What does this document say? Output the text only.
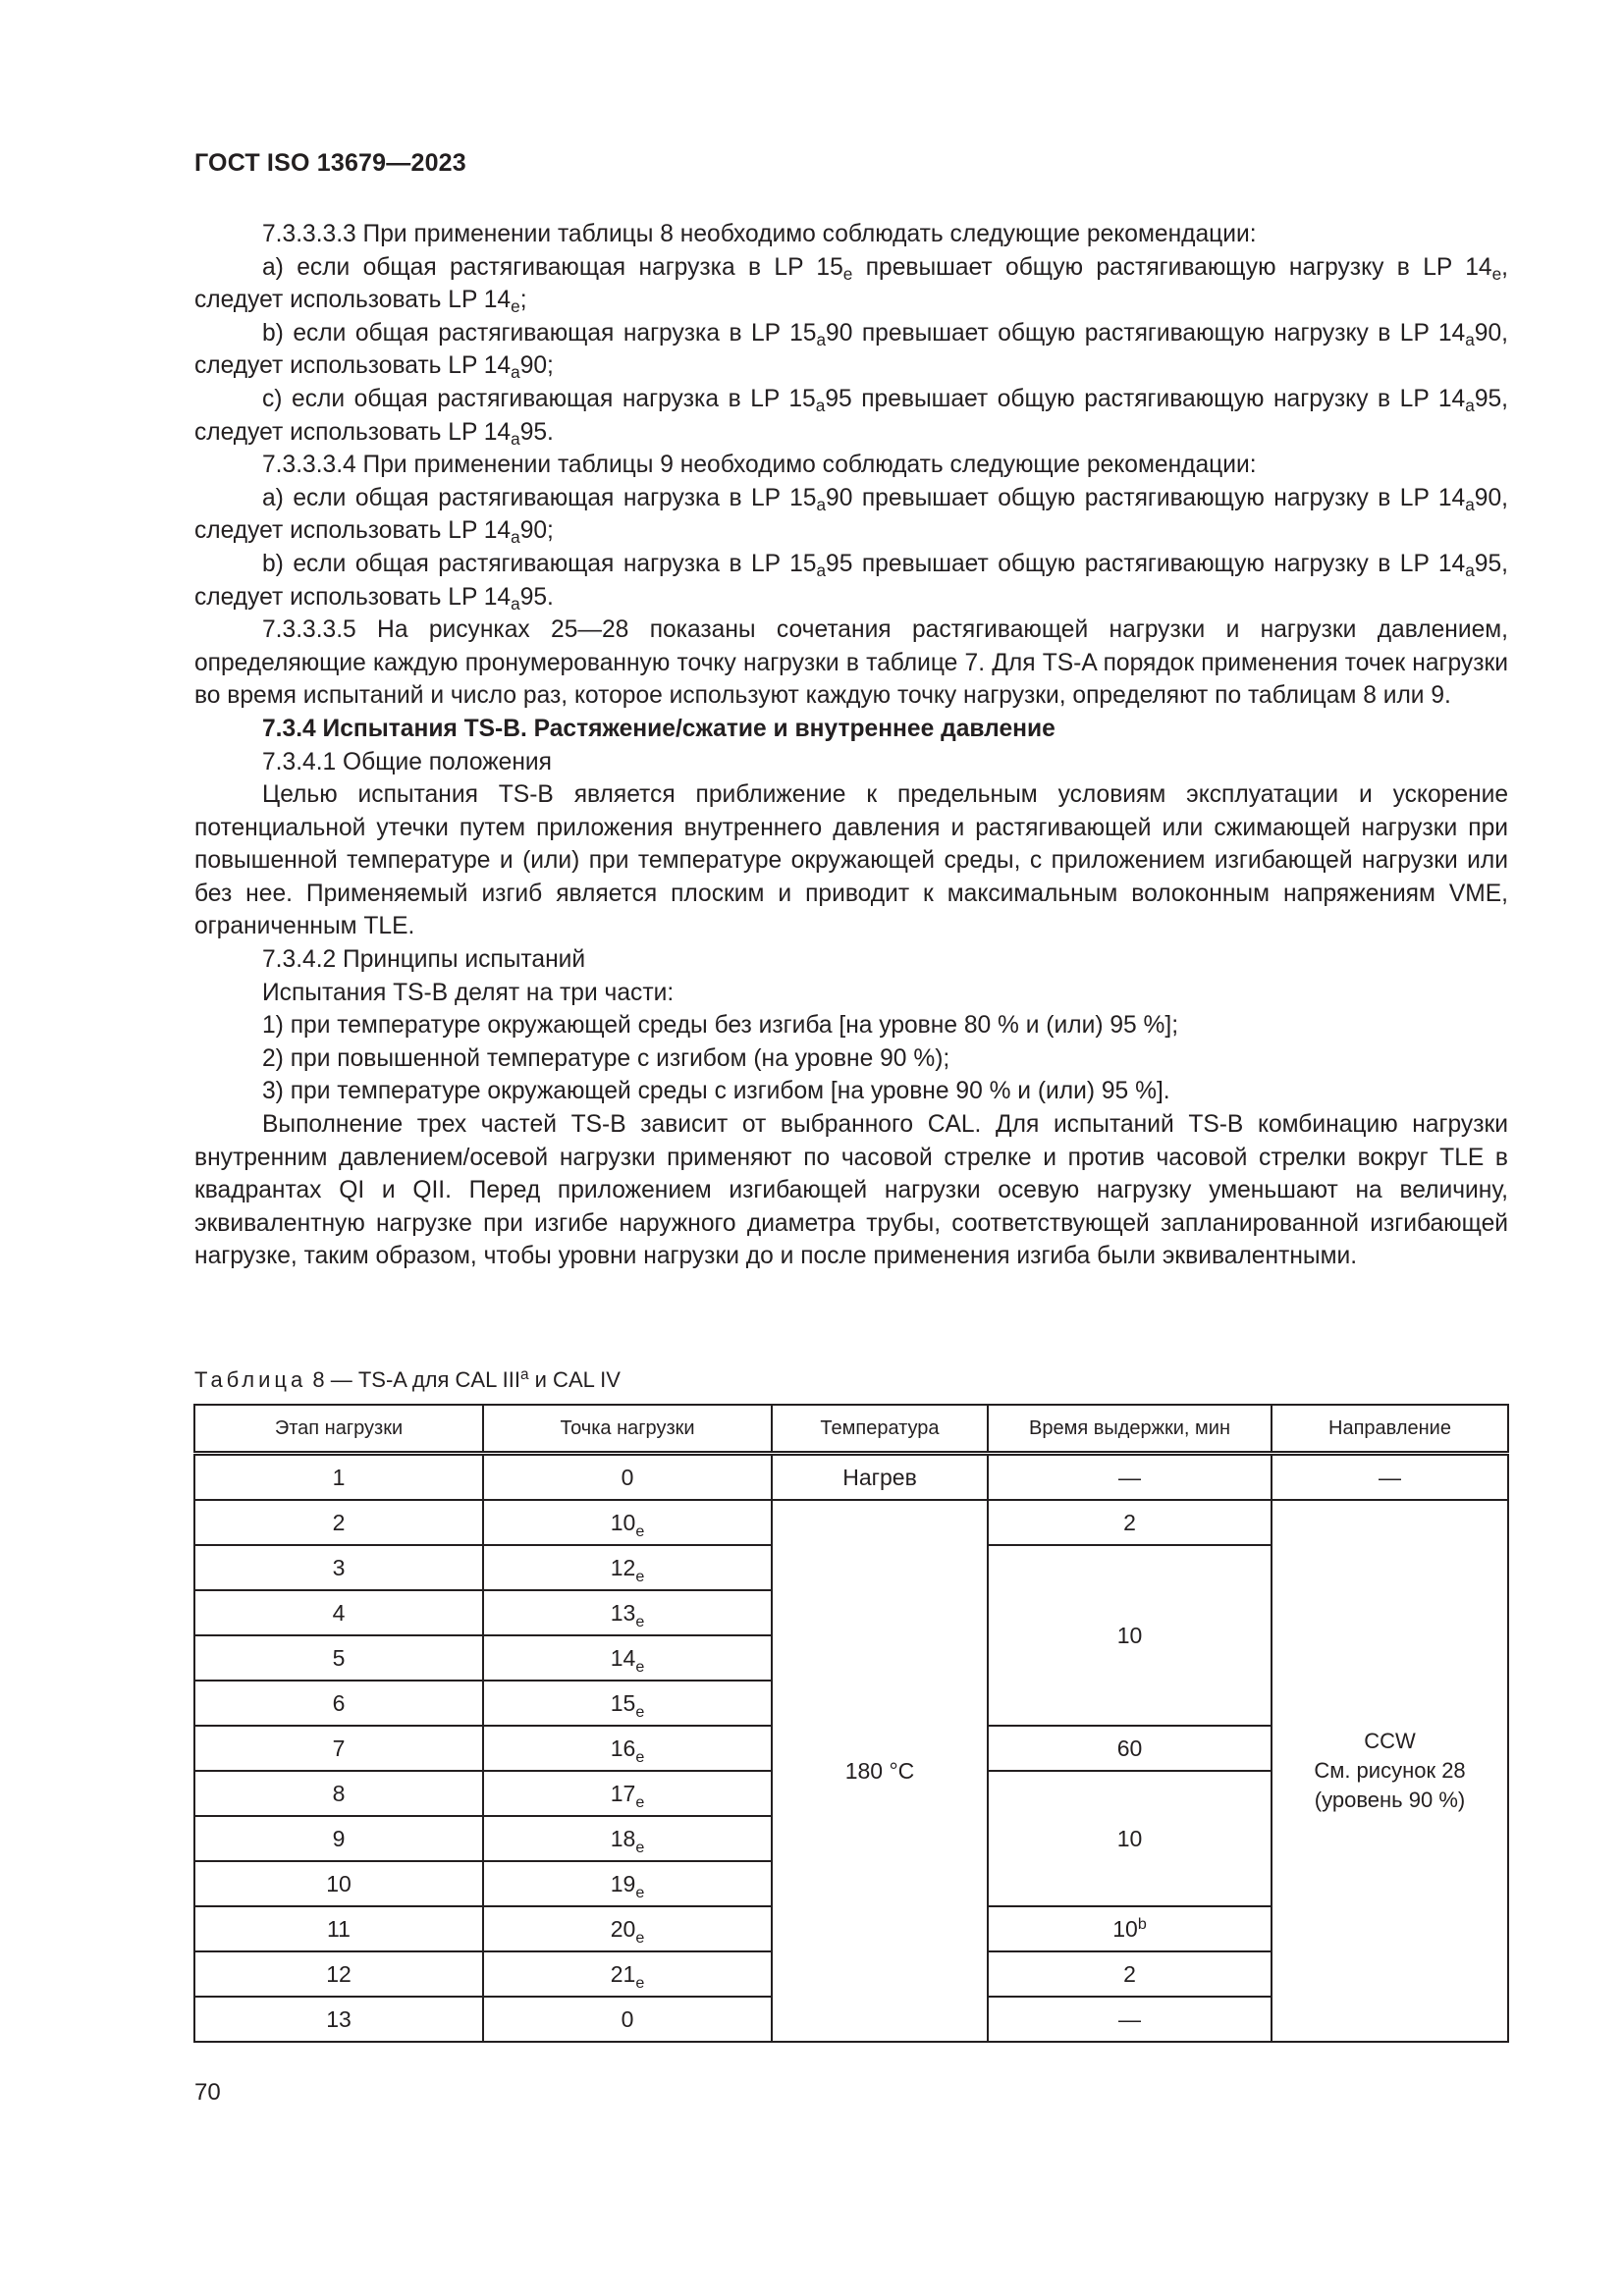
ГОСТ ISO 13679—2023

7.3.3.3.3 При применении таблицы 8 необходимо соблюдать следующие рекомендации:

а) если общая растягивающая нагрузка в LP $15_e$ превышает общую растягивающую нагрузку в LP $14_e$, следует использовать LP $14_e$;

b) если общая растягивающая нагрузка в LP $15_a90$ превышает общую растягивающую нагрузку в LP $14_a90$, следует использовать LP $14_a90$;

с) если общая растягивающая нагрузка в LP $15_a95$ превышает общую растягивающую нагрузку в LP $14_a95$, следует использовать LP $14_a95$.

7.3.3.3.4 При применении таблицы 9 необходимо соблюдать следующие рекомендации:

а) если общая растягивающая нагрузка в LP $15_a90$ превышает общую растягивающую нагрузку в LP $14_a90$, следует использовать LP $14_a90$;

b) если общая растягивающая нагрузка в LP $15_a95$ превышает общую растягивающую нагрузку в LP $14_a95$, следует использовать LP $14_a95$.

7.3.3.3.5 На рисунках 25—28 показаны сочетания растягивающей нагрузки и нагрузки давлением, определяющие каждую пронумерованную точку нагрузки в таблице 7. Для TS-A порядок применения точек нагрузки во время испытаний и число раз, которое используют каждую точку нагрузки, определяют по таблицам 8 или 9.

7.3.4 Испытания TS-B. Растяжение/сжатие и внутреннее давление

7.3.4.1 Общие положения

Целью испытания TS-B является приближение к предельным условиям эксплуатации и ускорение потенциальной утечки путем приложения внутреннего давления и растягивающей или сжимающей нагрузки при повышенной температуре и (или) при температуре окружающей среды, с приложением изгибающей нагрузки или без нее. Применяемый изгиб является плоским и приводит к максимальным волоконным напряжениям VME, ограниченным TLE.

7.3.4.2 Принципы испытаний

Испытания TS-B делят на три части:

1) при температуре окружающей среды без изгиба [на уровне 80 % и (или) 95 %];

2) при повышенной температуре с изгибом (на уровне 90 %);

3) при температуре окружающей среды с изгибом [на уровне 90 % и (или) 95 %].

Выполнение трех частей TS-B зависит от выбранного CAL. Для испытаний TS-B комбинацию нагрузки внутренним давлением/осевой нагрузки применяют по часовой стрелке и против часовой стрелки вокруг TLE в квадрантах QI и QII. Перед приложением изгибающей нагрузки осевую нагрузку уменьшают на величину, эквивалентную нагрузке при изгибе наружного диаметра трубы, соответствующей запланированной изгибающей нагрузке, таким образом, чтобы уровни нагрузки до и после применения изгиба были эквивалентными.

Таблица 8 — TS-A для CAL III$^a$ и CAL IV
Этап нагрузки	Точка нагрузки	Температура	Время выдержки, мин	Направление
1	0	Нагрев	—	—
2	$10_e$	180 °C	2	CCW
См. рисунок 28
(уровень 90 %)

3	$12_e$		10	
4	$13_e$
5	$14_e$
6	$15_e$
7	$16_e$		60	
8	$17_e$		10	
9	$18_e$
10	$19_e$
11	$20_e$		10$^b$
12	$21_e$		2	
13	0		—	
70
